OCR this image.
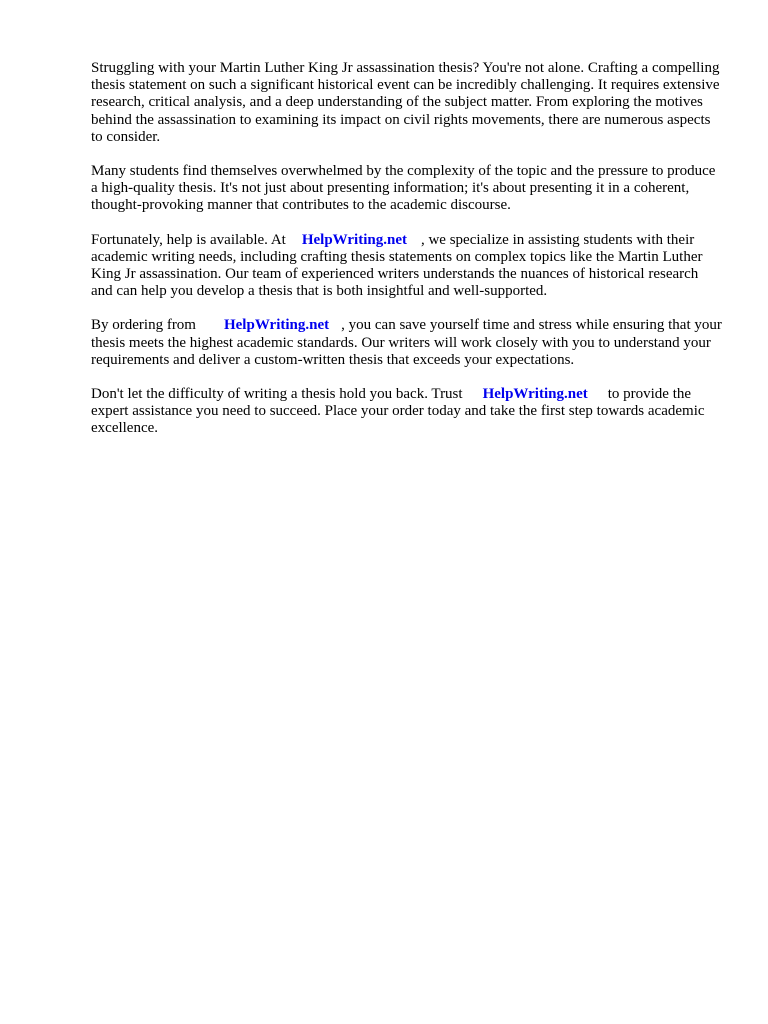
Struggling with your Martin Luther King Jr assassination thesis? You're not alone. Crafting a compelling thesis statement on such a significant historical event can be incredibly challenging. It requires extensive research, critical analysis, and a deep understanding of the subject matter. From exploring the motives behind the assassination to examining its impact on civil rights movements, there are numerous aspects to consider.

Many students find themselves overwhelmed by the complexity of the topic and the pressure to produce a high-quality thesis. It's not just about presenting information; it's about presenting it in a coherent, thought-provoking manner that contributes to the academic discourse.

Fortunately, help is available. At HelpWriting.net , we specialize in assisting students with their academic writing needs, including crafting thesis statements on complex topics like the Martin Luther King Jr assassination. Our team of experienced writers understands the nuances of historical research and can help you develop a thesis that is both insightful and well-supported.

By ordering from HelpWriting.net , you can save yourself time and stress while ensuring that your thesis meets the highest academic standards. Our writers will work closely with you to understand your requirements and deliver a custom-written thesis that exceeds your expectations.

Don't let the difficulty of writing a thesis hold you back. Trust HelpWriting.net to provide the expert assistance you need to succeed. Place your order today and take the first step towards academic excellence.
